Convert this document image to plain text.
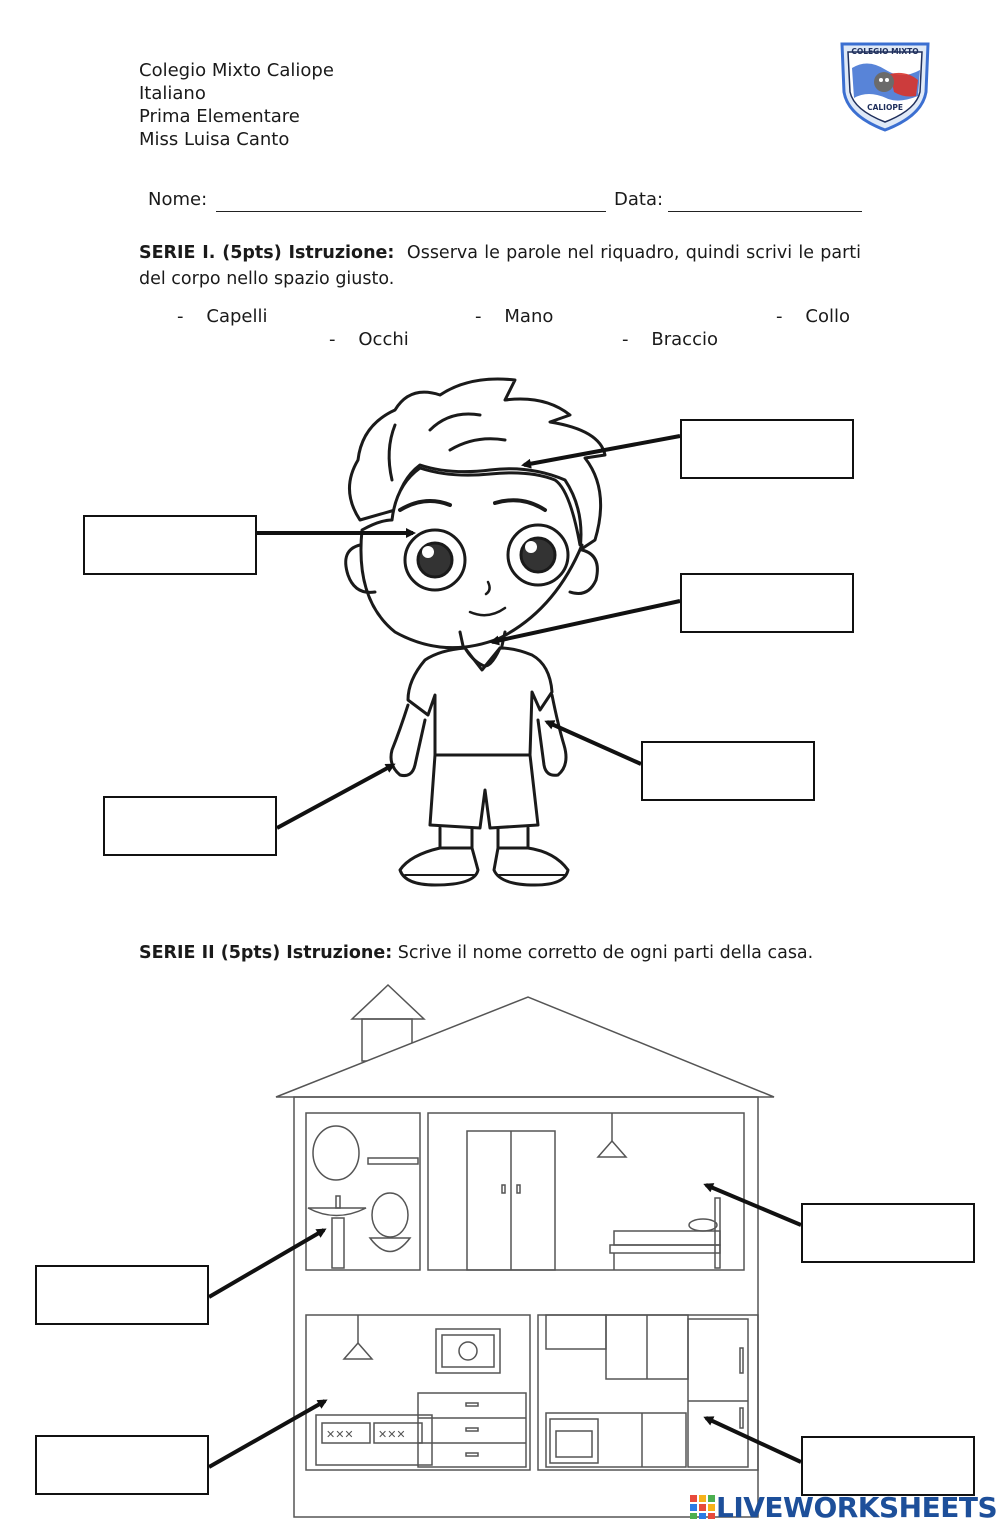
Colegio Mixto Caliope
Italiano
Prima Elementare
Miss Luisa Canto
COLEGIO MIXTO
CALIOPE
Nome:	Data:
SERIE I. (5pts) Istruzione: Osserva le parole nel riquadro, quindi scrivi le parti del corpo nello spazio giusto.
- Capelli	- Mano	- Collo
- Occhi	- Braccio
SERIE II (5pts) Istruzione: Scrive il nome corretto de ogni parti della casa.
✕✕✕ ✕✕✕
LIVEWORKSHEETS
